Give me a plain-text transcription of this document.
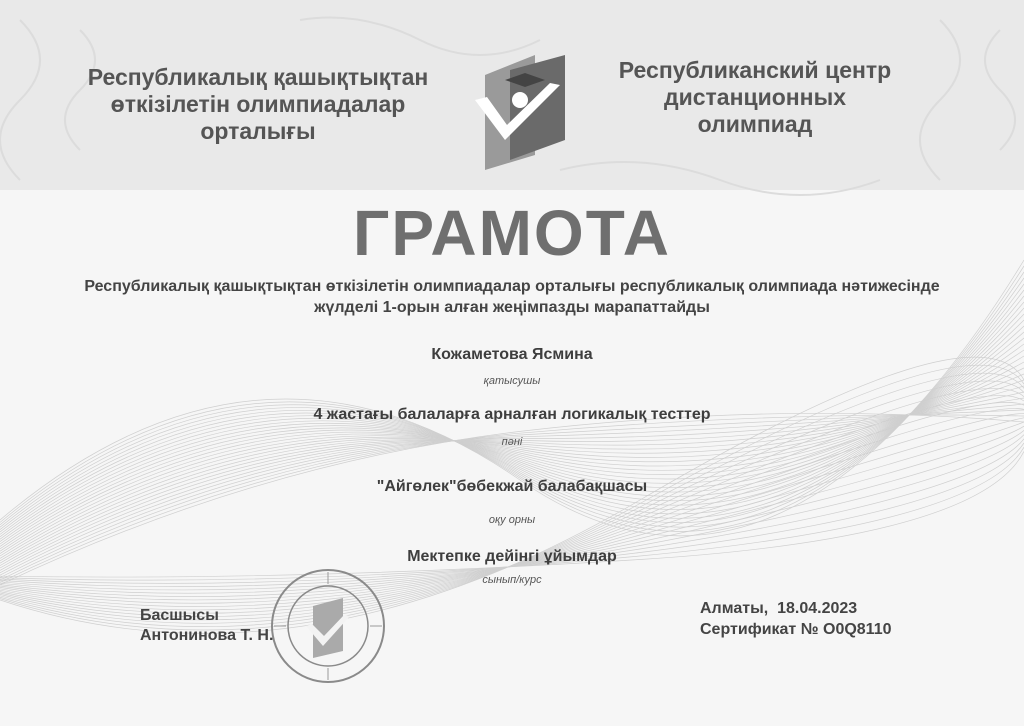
Республикалық қашықтықтан
өткізілетін олимпиадалар
орталығы
Республиканский центр
дистанционных
олимпиад
ГРАМОТА
Республикалық қашықтықтан өткізілетін олимпиадалар орталығы республикалық олимпиада нәтижесінде
жүлделі 1-орын алған жеңімпазды марапаттайды
Кожаметова Ясмина
қатысушы
4 жастағы балаларға арналған логикалық тесттер
пәні
"Айгөлек"бөбекжай балабақшасы
оқу орны
Мектепке дейінгі ұйымдар
сынып/курс
Басшысы
Антонинова Т. Н.
Алматы,  18.04.2023
Сертификат № O0Q8110
